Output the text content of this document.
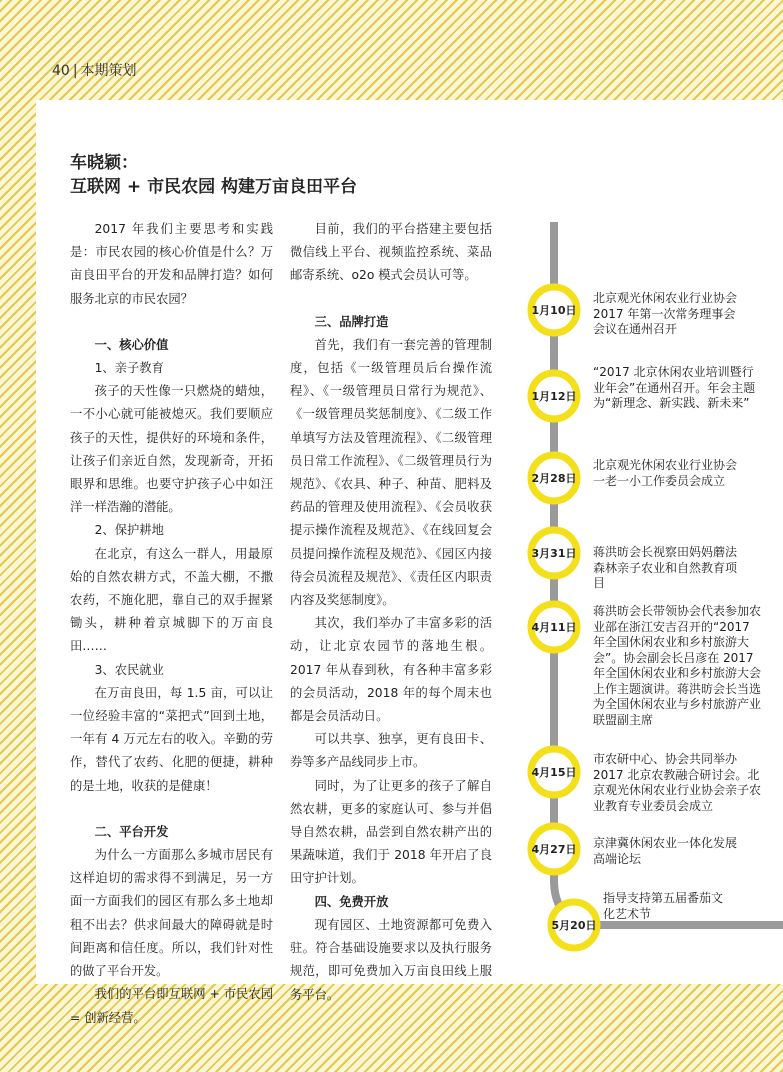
40 | 本期策划
车晓颖：
互联网 + 市民农园 构建万亩良田平台

2017 年我们主要思考和实践是：市民农园的核心价值是什么？万亩良田平台的开发和品牌打造？如何服务北京的市民农园？

一、核心价值

1、亲子教育

孩子的天性像一只燃烧的蜡烛，一不小心就可能被熄灭。我们要顺应孩子的天性，提供好的环境和条件，让孩子们亲近自然，发现新奇，开拓眼界和思维。也要守护孩子心中如汪洋一样浩瀚的潜能。

2、保护耕地

在北京，有这么一群人，用最原始的自然农耕方式，不盖大棚，不撒农药，不施化肥，靠自己的双手握紧锄头，耕种着京城脚下的万亩良田……

3、农民就业

在万亩良田，每 1.5 亩，可以让一位经验丰富的“菜把式”回到土地，一年有 4 万元左右的收入。辛勤的劳作，替代了农药、化肥的便捷，耕种的是土地，收获的是健康！

二、平台开发

为什么一方面那么多城市居民有这样迫切的需求得不到满足，另一方面一方面我们的园区有那么多土地却租不出去？供求间最大的障碍就是时间距离和信任度。所以，我们针对性的做了平台开发。

我们的平台即互联网 + 市民农园 = 创新经营。

目前，我们的平台搭建主要包括微信线上平台、视频监控系统、菜品邮寄系统、o2o 模式会员认可等。

三、品牌打造

首先，我们有一套完善的管理制度，包括《一级管理员后台操作流程》、《一级管理员日常行为规范》、《一级管理员奖惩制度》、《二级工作单填写方法及管理流程》、《二级管理员日常工作流程》、《二级管理员行为规范》、《农具、种子、种苗、肥料及药品的管理及使用流程》、《会员收获提示操作流程及规范》、《在线回复会员提问操作流程及规范》、《园区内接待会员流程及规范》、《责任区内职责内容及奖惩制度》。

其次，我们举办了丰富多彩的活动，让北京农园节的落地生根。2017 年从春到秋，有各种丰富多彩的会员活动，2018 年的每个周末也都是会员活动日。

可以共享、独享，更有良田卡、券等多产品线同步上市。

同时，为了让更多的孩子了解自然农耕，更多的家庭认可、参与并倡导自然农耕，品尝到自然农耕产出的果蔬味道，我们于 2018 年开启了良田守护计划。

四、免费开放

现有园区、土地资源都可免费入驻。符合基础设施要求以及执行服务规范，即可免费加入万亩良田线上服务平台。

1月10日
1月12日
2月28日
3月31日
4月11日
4月15日
4月27日
5月20日
北京观光休闲农业行业协会 2017 年第一次常务理事会会议在通州召开
“2017 北京休闲农业培训暨行业年会”在通州召开。年会主题为“新理念、新实践、新未来”
北京观光休闲农业行业协会一老一小工作委员会成立
蒋洪昉会长视察田妈妈蘑法森林亲子农业和自然教育项目
蒋洪昉会长带领协会代表参加农业部在浙江安吉召开的“2017 年全国休闲农业和乡村旅游大会”。协会副会长吕彦在 2017 年全国休闲农业和乡村旅游大会上作主题演讲。蒋洪昉会长当选为全国休闲农业与乡村旅游产业联盟副主席
市农研中心、协会共同举办 2017 北京农教融合研讨会。北京观光休闲农业行业协会亲子农业教育专业委员会成立
京津冀休闲农业一体化发展高端论坛
指导支持第五届番茄文化艺术节
